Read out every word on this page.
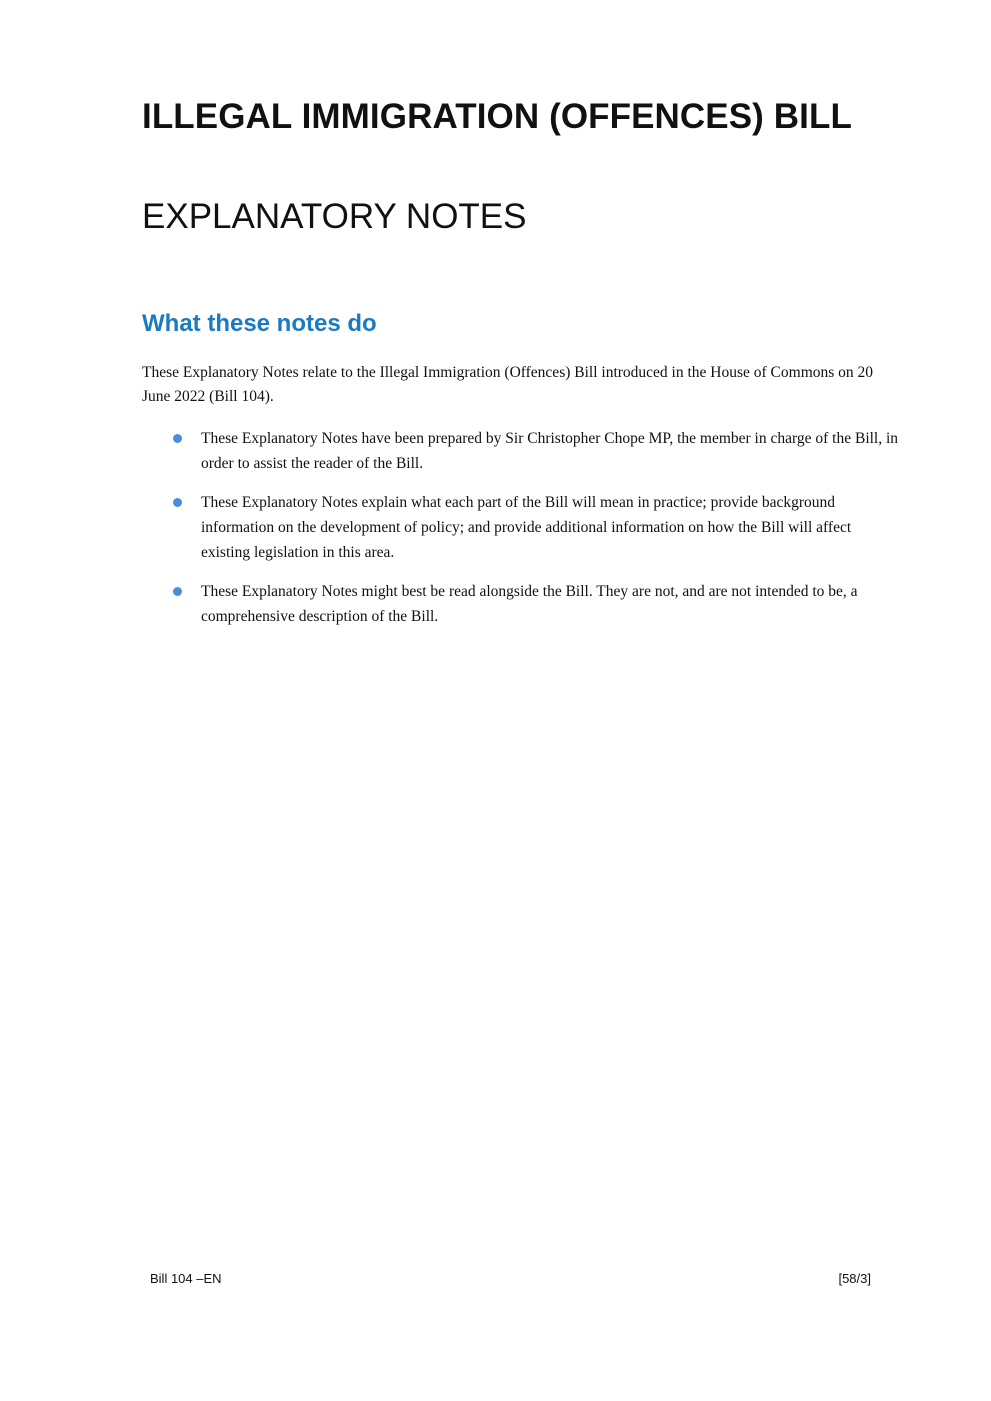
ILLEGAL IMMIGRATION (OFFENCES) BILL
EXPLANATORY NOTES
What these notes do

These Explanatory Notes relate to the Illegal Immigration (Offences) Bill introduced in the House of Commons on 20 June 2022 (Bill 104).

These Explanatory Notes have been prepared by Sir Christopher Chope MP, the member in charge of the Bill, in order to assist the reader of the Bill.
These Explanatory Notes explain what each part of the Bill will mean in practice; provide background information on the development of policy; and provide additional information on how the Bill will affect existing legislation in this area.
These Explanatory Notes might best be read alongside the Bill. They are not, and are not intended to be, a comprehensive description of the Bill.
Bill 104 –EN	[58/3]
